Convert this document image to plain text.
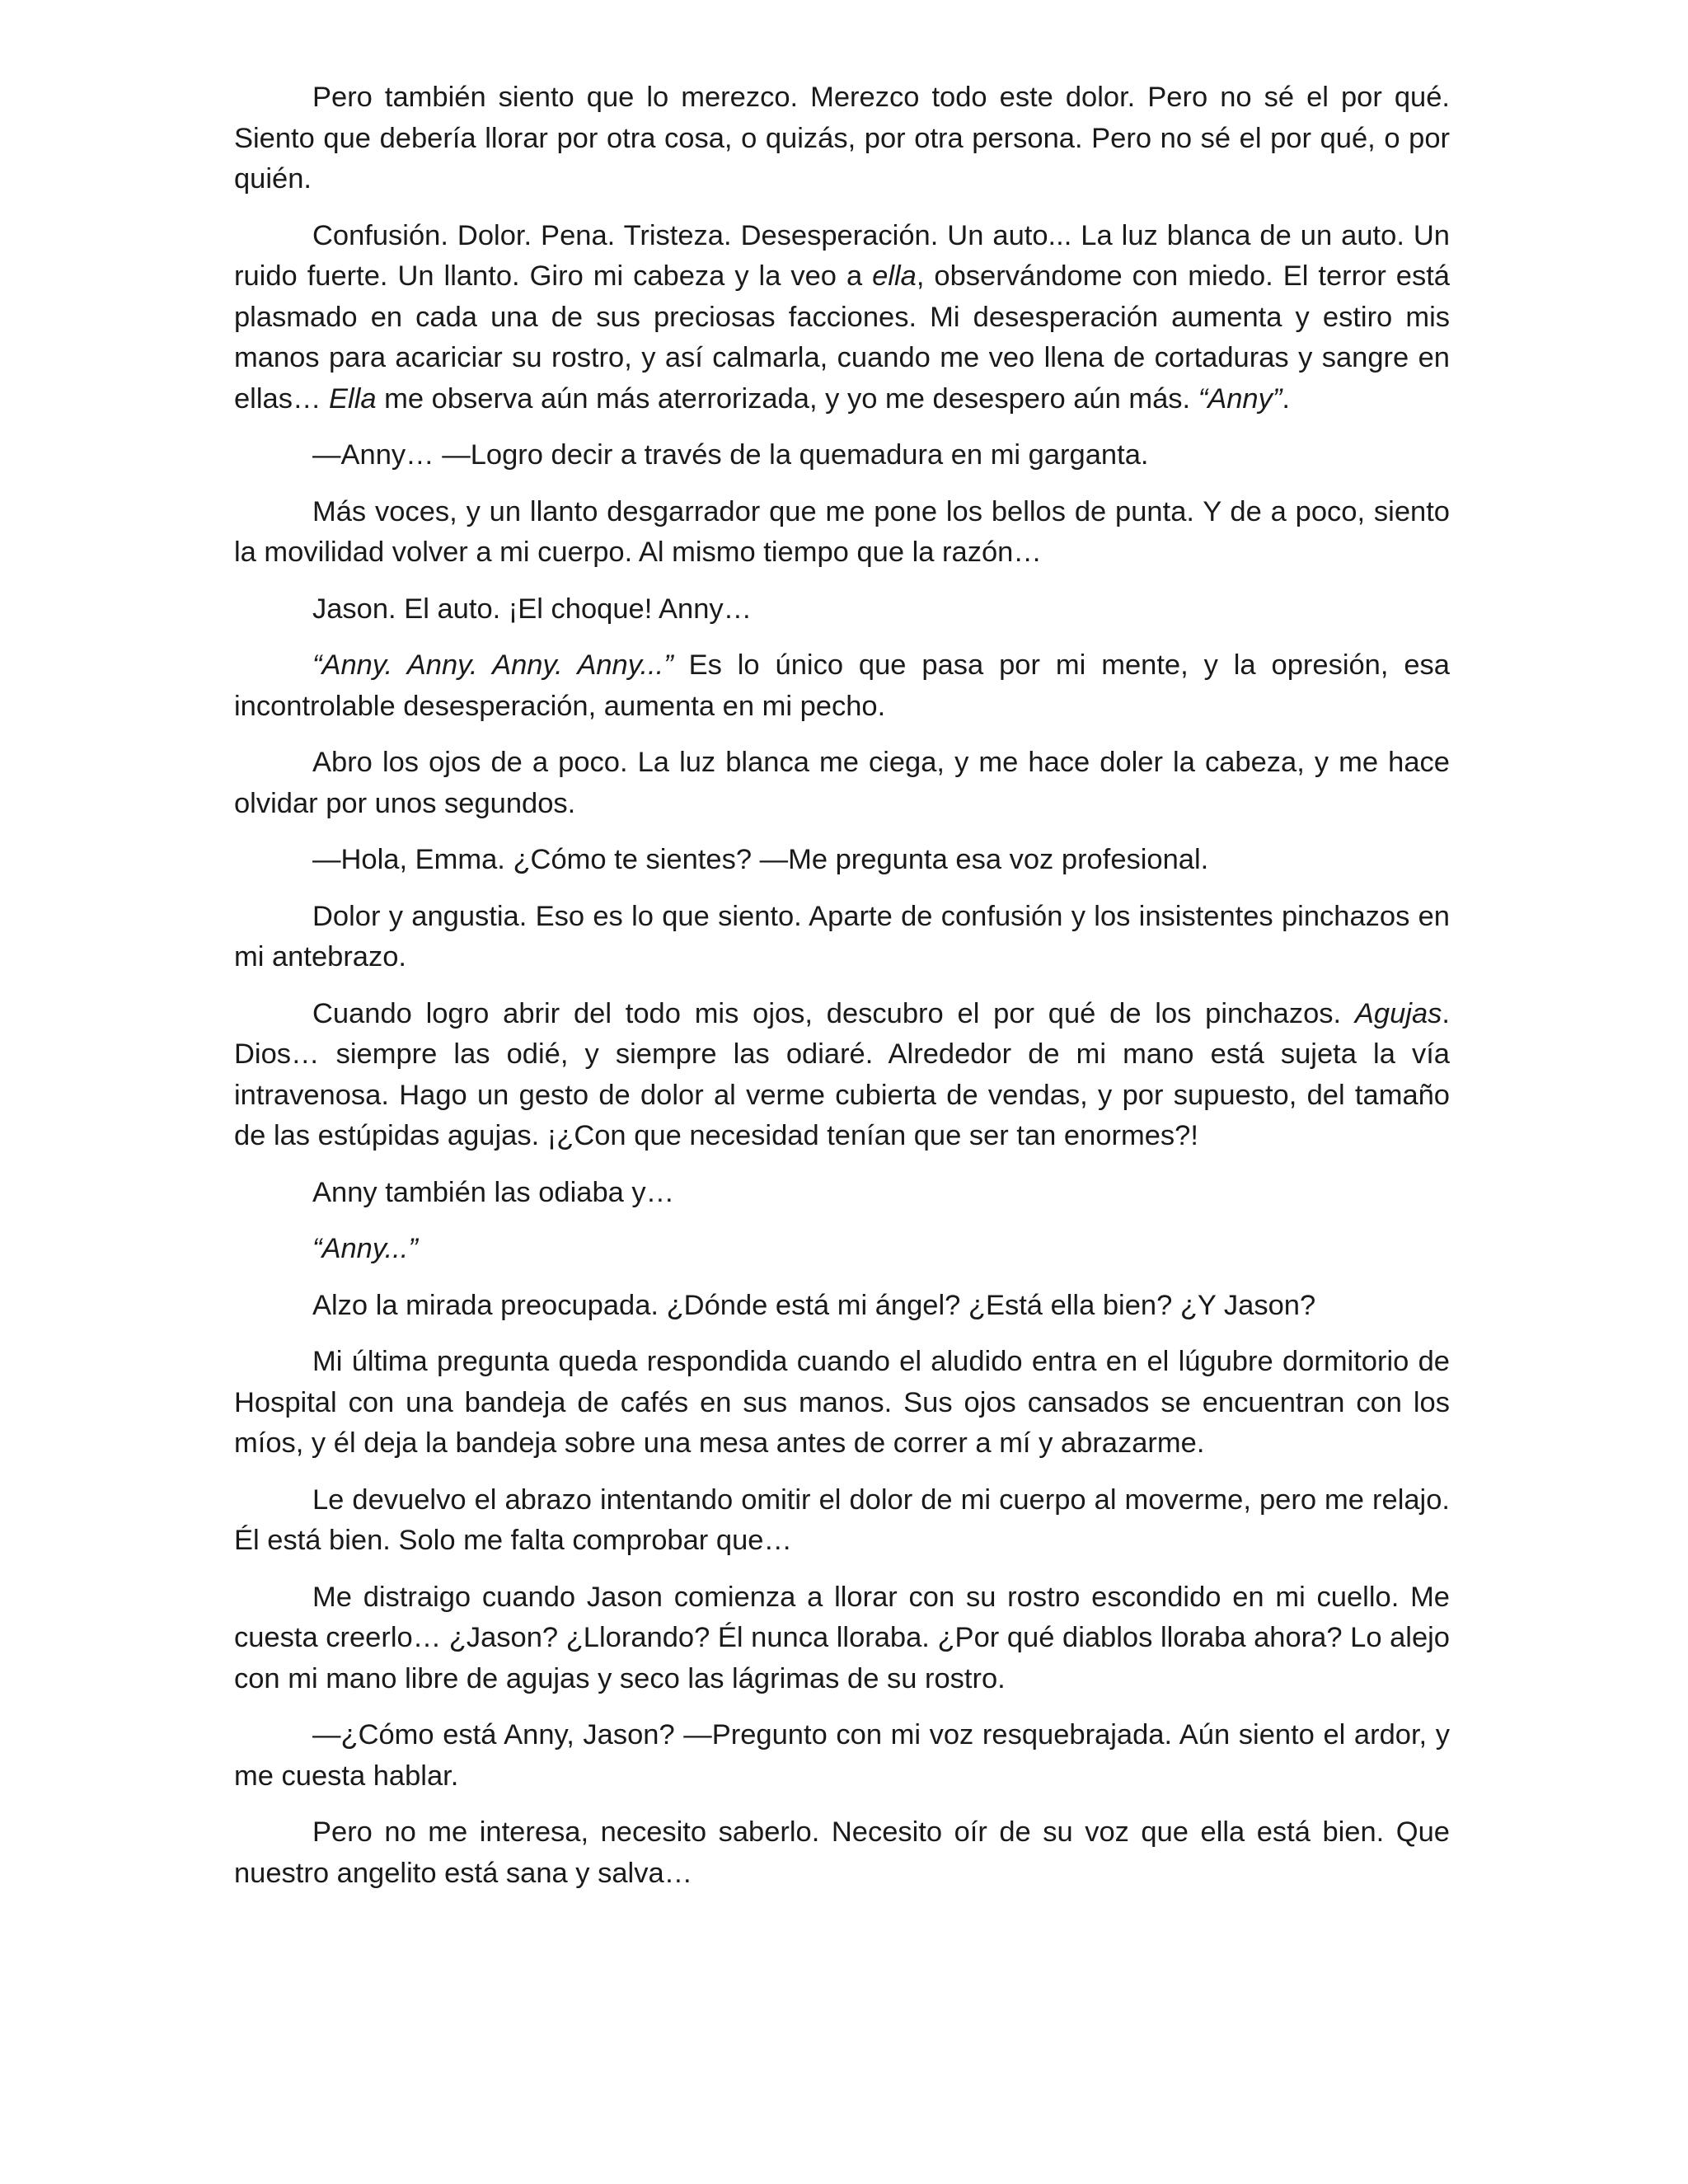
Pero también siento que lo merezco. Merezco todo este dolor. Pero no sé el por qué. Siento que debería llorar por otra cosa, o quizás, por otra persona. Pero no sé el por qué, o por quién.

Confusión. Dolor. Pena. Tristeza. Desesperación. Un auto... La luz blanca de un auto. Un ruido fuerte. Un llanto. Giro mi cabeza y la veo a ella, observándome con miedo. El terror está plasmado en cada una de sus preciosas facciones. Mi desesperación aumenta y estiro mis manos para acariciar su rostro, y así calmarla, cuando me veo llena de cortaduras y sangre en ellas… Ella me observa aún más aterrorizada, y yo me desespero aún más. “Anny”.

—Anny… —Logro decir a través de la quemadura en mi garganta.

Más voces, y un llanto desgarrador que me pone los bellos de punta. Y de a poco, siento la movilidad volver a mi cuerpo. Al mismo tiempo que la razón…

Jason. El auto. ¡El choque! Anny…

“Anny. Anny. Anny. Anny...” Es lo único que pasa por mi mente, y la opresión, esa incontrolable desesperación, aumenta en mi pecho.

Abro los ojos de a poco. La luz blanca me ciega, y me hace doler la cabeza, y me hace olvidar por unos segundos.

—Hola, Emma. ¿Cómo te sientes? —Me pregunta esa voz profesional.

Dolor y angustia. Eso es lo que siento. Aparte de confusión y los insistentes pinchazos en mi antebrazo.

Cuando logro abrir del todo mis ojos, descubro el por qué de los pinchazos. Agujas. Dios… siempre las odié, y siempre las odiaré. Alrededor de mi mano está sujeta la vía intravenosa. Hago un gesto de dolor al verme cubierta de vendas, y por supuesto, del tamaño de las estúpidas agujas. ¡¿Con que necesidad tenían que ser tan enormes?!

Anny también las odiaba y…

“Anny...”

Alzo la mirada preocupada. ¿Dónde está mi ángel? ¿Está ella bien? ¿Y Jason?

Mi última pregunta queda respondida cuando el aludido entra en el lúgubre dormitorio de Hospital con una bandeja de cafés en sus manos. Sus ojos cansados se encuentran con los míos, y él deja la bandeja sobre una mesa antes de correr a mí y abrazarme.

Le devuelvo el abrazo intentando omitir el dolor de mi cuerpo al moverme, pero me relajo. Él está bien. Solo me falta comprobar que…

Me distraigo cuando Jason comienza a llorar con su rostro escondido en mi cuello. Me cuesta creerlo… ¿Jason? ¿Llorando? Él nunca lloraba. ¿Por qué diablos lloraba ahora? Lo alejo con mi mano libre de agujas y seco las lágrimas de su rostro.

—¿Cómo está Anny, Jason? —Pregunto con mi voz resquebrajada. Aún siento el ardor, y me cuesta hablar.

Pero no me interesa, necesito saberlo. Necesito oír de su voz que ella está bien. Que nuestro angelito está sana y salva…
